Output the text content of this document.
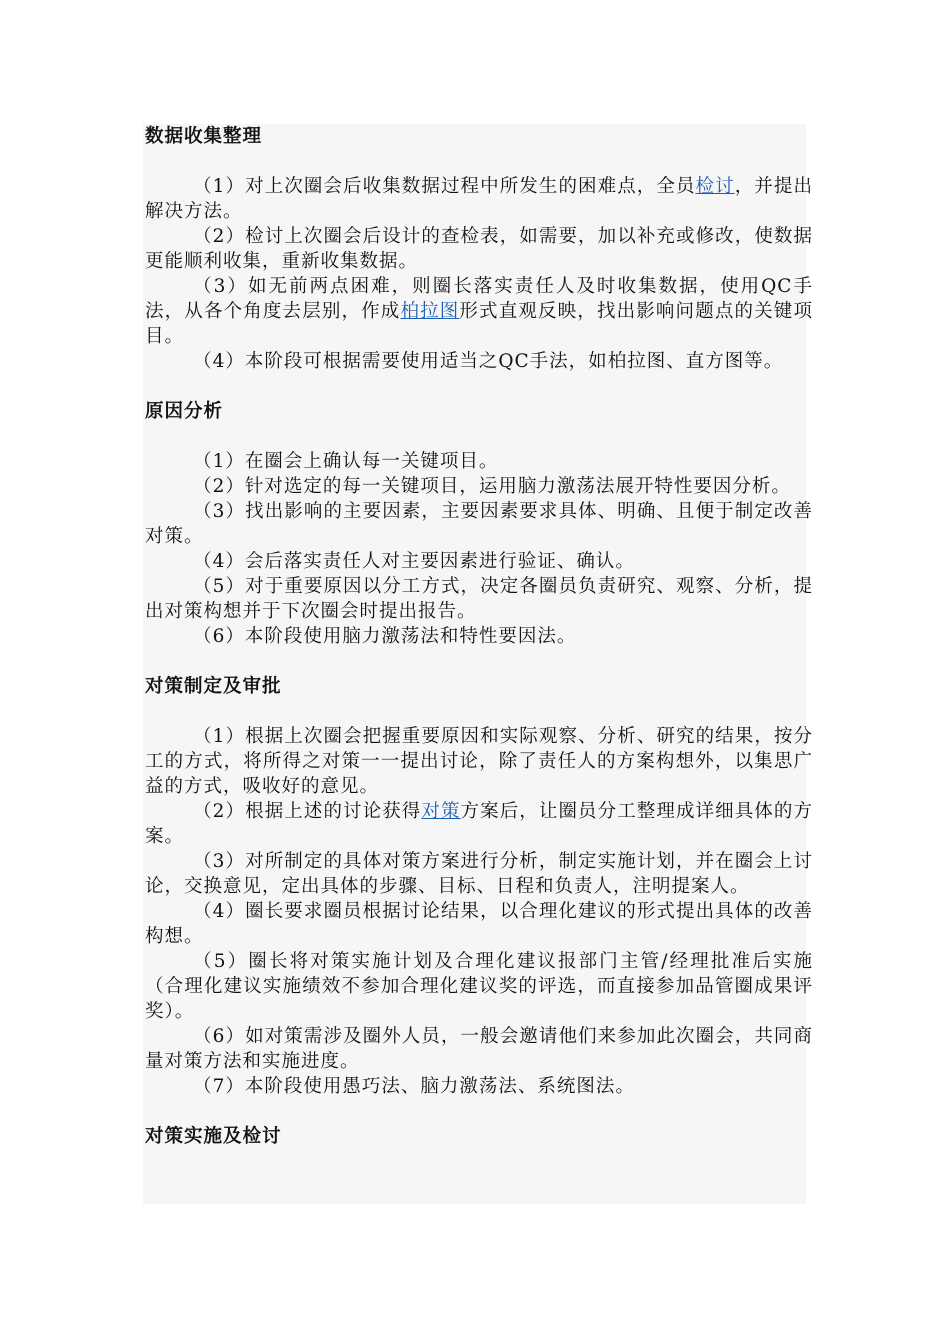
数据收集整理

（1）对上次圈会后收集数据过程中所发生的困难点，全员检讨，并提出解决方法。

（2）检讨上次圈会后设计的查检表，如需要，加以补充或修改，使数据更能顺利收集，重新收集数据。

（3）如无前两点困难，则圈长落实责任人及时收集数据，使用QC手法，从各个角度去层别，作成柏拉图形式直观反映，找出影响问题点的关键项目。

（4）本阶段可根据需要使用适当之QC手法，如柏拉图、直方图等。

原因分析

（1）在圈会上确认每一关键项目。

（2）针对选定的每一关键项目，运用脑力激荡法展开特性要因分析。

（3）找出影响的主要因素，主要因素要求具体、明确、且便于制定改善对策。

（4）会后落实责任人对主要因素进行验证、确认。

（5）对于重要原因以分工方式，决定各圈员负责研究、观察、分析，提出对策构想并于下次圈会时提出报告。

（6）本阶段使用脑力激荡法和特性要因法。

对策制定及审批

（1）根据上次圈会把握重要原因和实际观察、分析、研究的结果，按分工的方式，将所得之对策一一提出讨论，除了责任人的方案构想外，以集思广益的方式，吸收好的意见。

（2）根据上述的讨论获得对策方案后，让圈员分工整理成详细具体的方案。

（3）对所制定的具体对策方案进行分析，制定实施计划，并在圈会上讨论，交换意见，定出具体的步骤、目标、日程和负责人，注明提案人。

（4）圈长要求圈员根据讨论结果，以合理化建议的形式提出具体的改善构想。

（5）圈长将对策实施计划及合理化建议报部门主管/经理批准后实施（合理化建议实施绩效不参加合理化建议奖的评选，而直接参加品管圈成果评奖）。

（6）如对策需涉及圈外人员，一般会邀请他们来参加此次圈会，共同商量对策方法和实施进度。

（7）本阶段使用愚巧法、脑力激荡法、系统图法。

对策实施及检讨
